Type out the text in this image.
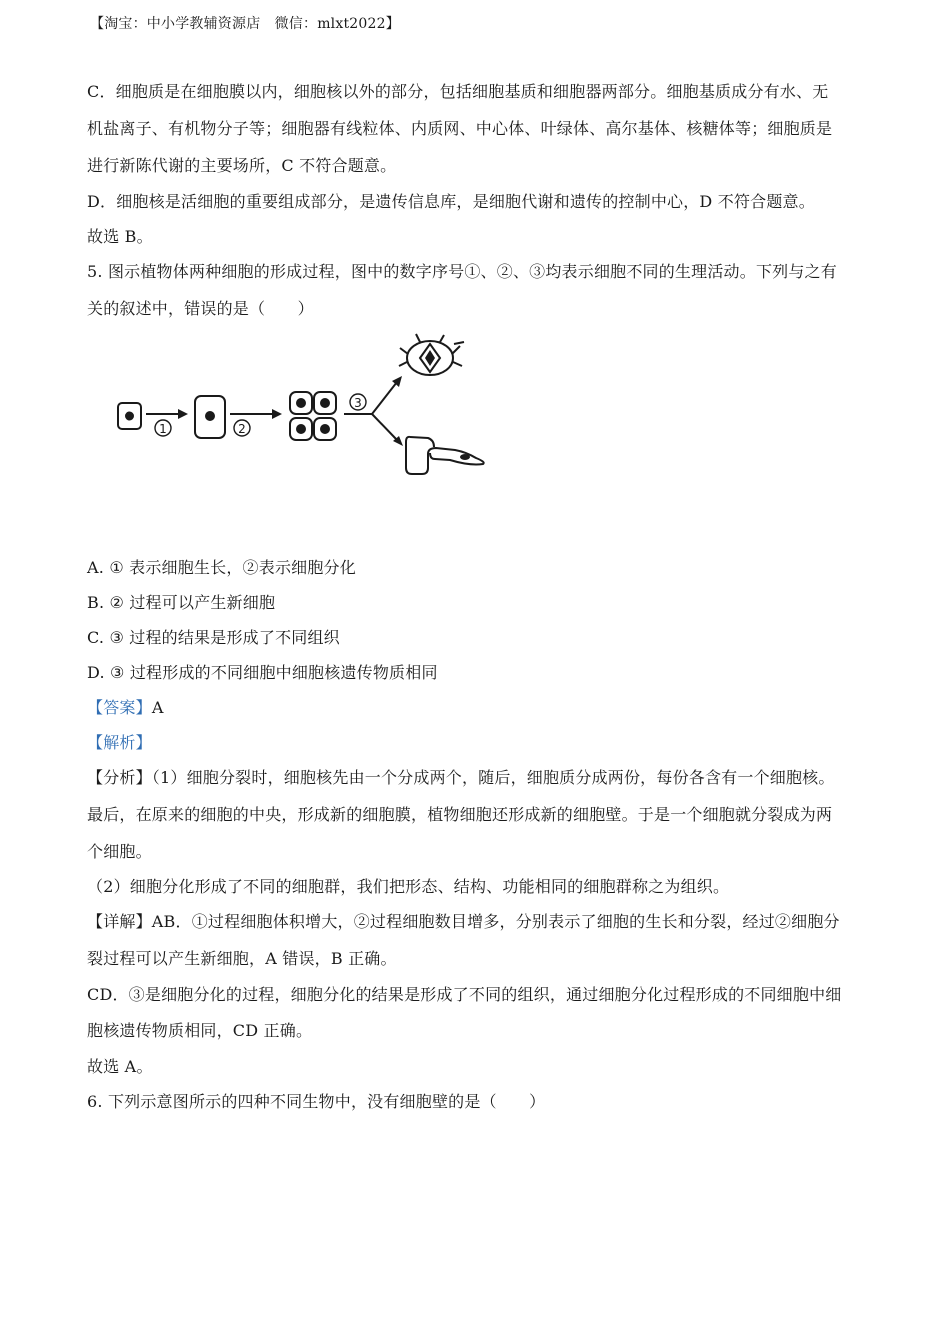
【淘宝：中小学教辅资源店　微信：mlxt2022】
C．细胞质是在细胞膜以内，细胞核以外的部分，包括细胞基质和细胞器两部分。细胞基质成分有水、无
机盐离子、有机物分子等；细胞器有线粒体、内质网、中心体、叶绿体、高尔基体、核糖体等；细胞质是
进行新陈代谢的主要场所，C 不符合题意。
D．细胞核是活细胞的重要组成部分，是遗传信息库，是细胞代谢和遗传的控制中心，D 不符合题意。
故选 B。
5. 图示植物体两种细胞的形成过程，图中的数字序号①、②、③均表示细胞不同的生理活动。下列与之有
关的叙述中，错误的是（　　）
1	2
3
A. ① 表示细胞生长，②表示细胞分化
B. ② 过程可以产生新细胞
C. ③ 过程的结果是形成了不同组织
D. ③ 过程形成的不同细胞中细胞核遗传物质相同
【答案】A
【解析】
【分析】（1）细胞分裂时，细胞核先由一个分成两个，随后，细胞质分成两份，每份各含有一个细胞核。
最后，在原来的细胞的中央，形成新的细胞膜，植物细胞还形成新的细胞壁。于是一个细胞就分裂成为两
个细胞。
（2）细胞分化形成了不同的细胞群，我们把形态、结构、功能相同的细胞群称之为组织。
【详解】AB．①过程细胞体积增大，②过程细胞数目增多，分别表示了细胞的生长和分裂，经过②细胞分
裂过程可以产生新细胞，A 错误，B 正确。
CD．③是细胞分化的过程，细胞分化的结果是形成了不同的组织，通过细胞分化过程形成的不同细胞中细
胞核遗传物质相同，CD 正确。
故选 A。
6. 下列示意图所示的四种不同生物中，没有细胞壁的是（　　）
